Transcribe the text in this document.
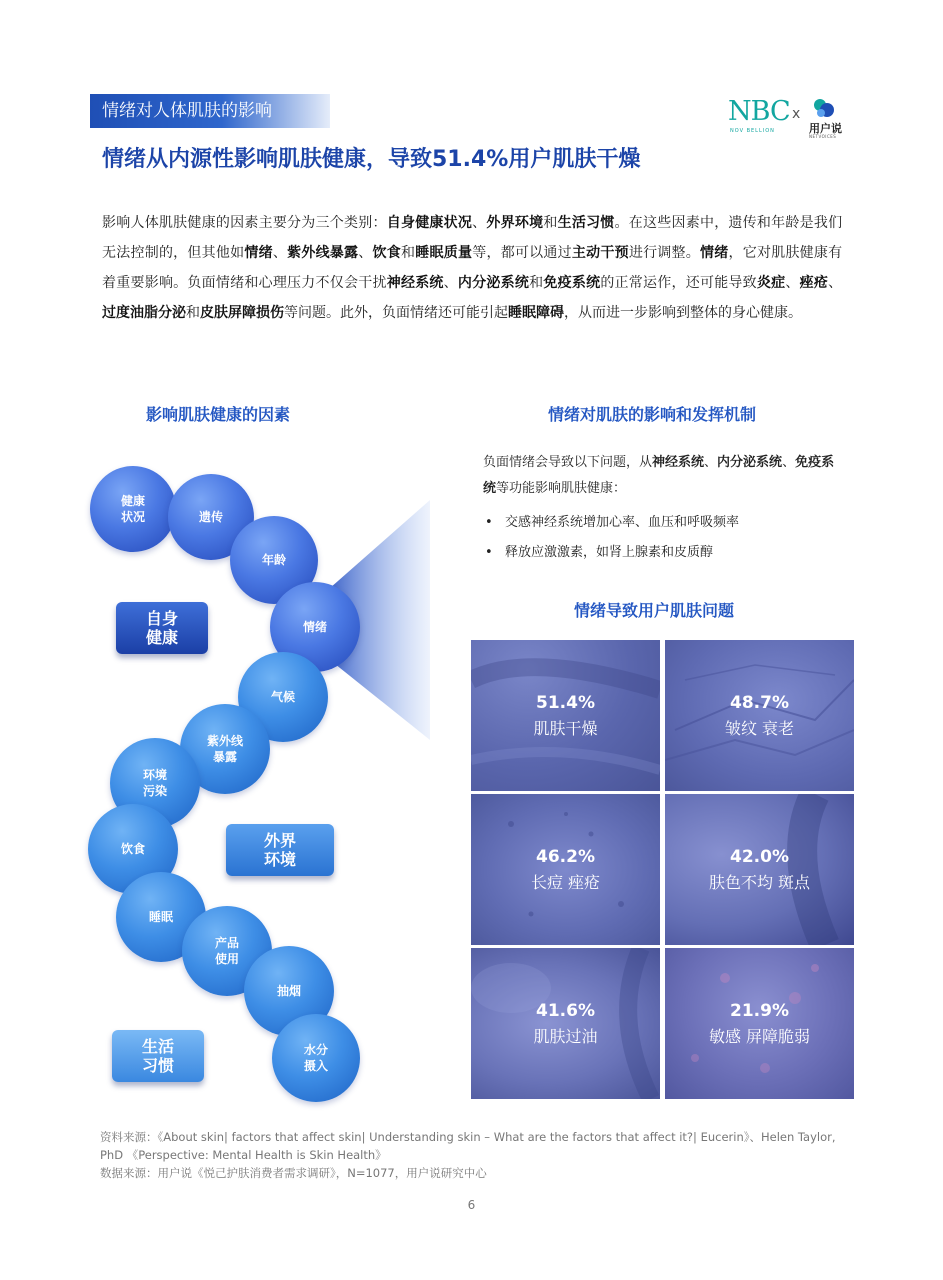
情绪对人体肌肤的影响	NBC
NOV BELLION
x
用户说
NETVOICES
情绪从内源性影响肌肤健康，导致51.4%用户肌肤干燥
影响人体肌肤健康的因素主要分为三个类别：自身健康状况、外界环境和生活习惯。在这些因素中，遗传和年龄是我们无法控制的，但其他如情绪、紫外线暴露、饮食和睡眠质量等，都可以通过主动干预进行调整。情绪，它对肌肤健康有着重要影响。负面情绪和心理压力不仅会干扰神经系统、内分泌系统和免疫系统的正常运作，还可能导致炎症、痤疮、过度油脂分泌和皮肤屏障损伤等问题。此外，负面情绪还可能引起睡眠障碍，从而进一步影响到整体的身心健康。
影响肌肤健康的因素	情绪对肌肤的影响和发挥机制
健康
状况	遗传
年龄
情绪
气候
紫外线
暴露
环境
污染
饮食
睡眠
产品
使用
抽烟
水分
摄入
自身
健康
外界
环境
生活
习惯
负面情绪会导致以下问题，从神经系统、内分泌系统、免疫系统等功能影响肌肤健康：
• 交感神经系统增加心率、血压和呼吸频率
• 释放应激激素，如肾上腺素和皮质醇
情绪导致用户肌肤问题
51.4%
肌肤干燥
48.7%
皱纹 衰老
46.2%
长痘 痤疮
42.0%
肤色不均 斑点
41.6%
肌肤过油
21.9%
敏感 屏障脆弱
资料来源：《About skin| factors that affect skin| Understanding skin – What are the factors that affect it?| Eucerin》、Helen Taylor, PhD 《Perspective: Mental Health is Skin Health》
数据来源：用户说《悦己护肤消费者需求调研》，N=1077，用户说研究中心
6
